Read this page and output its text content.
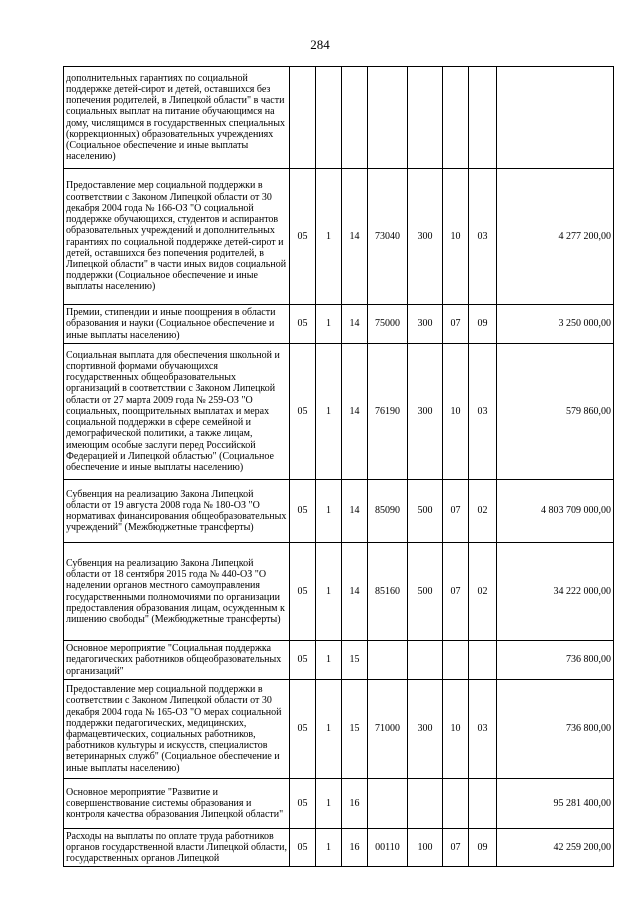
284
дополнительных гарантиях по социальной поддержке детей-сирот и детей, оставшихся без попечения родителей, в Липецкой области" в части социальных выплат на питание обучающимся на дому, числящимся в государственных специальных (коррекционных) образовательных учреждениях (Социальное обеспечение и иные выплаты населению)								
Предоставление мер социальной поддержки в соответствии с Законом Липецкой области от 30 декабря 2004 года № 166-ОЗ "О социальной поддержке обучающихся, студентов и аспирантов образовательных учреждений и дополнительных гарантиях по социальной поддержке детей-сирот и детей, оставшихся без попечения родителей, в Липецкой области" в части иных видов социальной поддержки (Социальное обеспечение и иные выплаты населению)	05	1	14	73040	300	10	03	4 277 200,00
Премии, стипендии и иные поощрения в области образования и науки (Социальное обеспечение и иные выплаты населению)	05	1	14	75000	300	07	09	3 250 000,00
Социальная выплата для обеспечения школьной и спортивной формами обучающихся государственных общеобразовательных организаций в соответствии с Законом Липецкой области от 27 марта 2009 года № 259-ОЗ "О социальных, поощрительных выплатах и мерах социальной поддержки в сфере семейной и демографической политики, а также лицам, имеющим особые заслуги перед Российской Федерацией и Липецкой областью" (Социальное обеспечение и иные выплаты населению)	05	1	14	76190	300	10	03	579 860,00
Субвенция на реализацию Закона Липецкой области от 19 августа 2008 года № 180-ОЗ "О нормативах финансирования общеобразовательных учреждений" (Межбюджетные трансферты)	05	1	14	85090	500	07	02	4 803 709 000,00
Субвенция на реализацию Закона Липецкой области от 18 сентября 2015 года № 440-ОЗ "О наделении органов местного самоуправления государственными полномочиями по организации предоставления образования лицам, осужденным к лишению свободы" (Межбюджетные трансферты)	05	1	14	85160	500	07	02	34 222 000,00
Основное мероприятие "Социальная поддержка педагогических работников общеобразовательных организаций"	05	1	15					736 800,00
Предоставление мер социальной поддержки в соответствии с Законом Липецкой области от 30 декабря 2004 года № 165-ОЗ "О мерах социальной поддержки педагогических, медицинских, фармацевтических, социальных работников, работников культуры и искусств, специалистов ветеринарных служб" (Социальное обеспечение и иные выплаты населению)	05	1	15	71000	300	10	03	736 800,00
Основное мероприятие "Развитие и совершенствование системы образования и контроля качества образования Липецкой области"	05	1	16					95 281 400,00
Расходы на выплаты по оплате труда работников органов государственной власти Липецкой области, государственных органов Липецкой	05	1	16	00110	100	07	09	42 259 200,00
